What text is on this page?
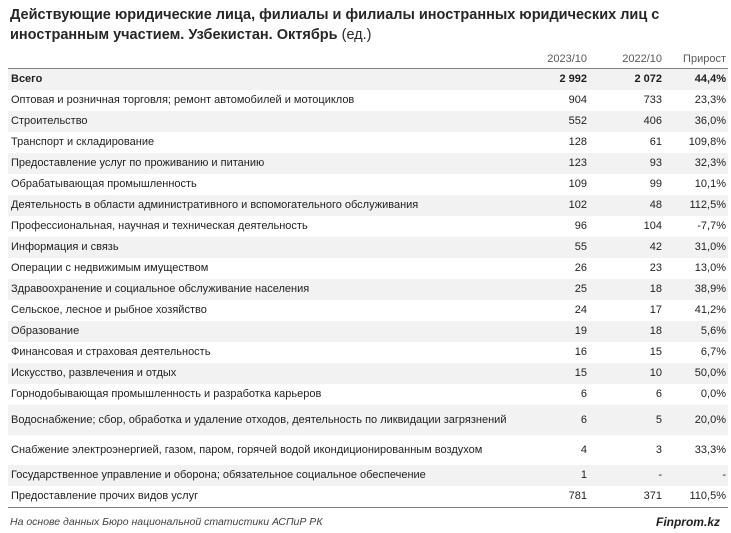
Действующие юридические лица, филиалы и филиалы иностранных юридических лиц с иностранным участием. Узбекистан. Октябрь (ед.)
	2023/10	2022/10	Прирост
Всего	2 992	2 072	44,4%
Оптовая и розничная торговля; ремонт автомобилей и мотоциклов	904	733	23,3%
Строительство	552	406	36,0%
Транспорт и складирование	128	61	109,8%
Предоставление услуг по проживанию и питанию	123	93	32,3%
Обрабатывающая промышленность	109	99	10,1%
Деятельность в области административного и вспомогательного обслуживания	102	48	112,5%
Профессиональная, научная и техническая деятельность	96	104	-7,7%
Информация и связь	55	42	31,0%
Операции с недвижимым имуществом	26	23	13,0%
Здравоохранение и социальное обслуживание населения	25	18	38,9%
Сельское, лесное и рыбное хозяйство	24	17	41,2%
Образование	19	18	5,6%
Финансовая и страховая деятельность	16	15	6,7%
Искусство, развлечения и отдых	15	10	50,0%
Горнодобывающая промышленность и разработка карьеров	6	6	0,0%
Водоснабжение; сбор, обработка и удаление отходов, деятельность по ликвидации загрязнений	6	5	20,0%
Снабжение электроэнергией, газом, паром, горячей водой икондиционированным воздухом	4	3	33,3%
Государственное управление и оборона; обязательное социальное обеспечение	1	-	-
Предоставление прочих видов услуг	781	371	110,5%
На основе данных Бюро национальной статистики АСПиР РК	Finprom.kz
